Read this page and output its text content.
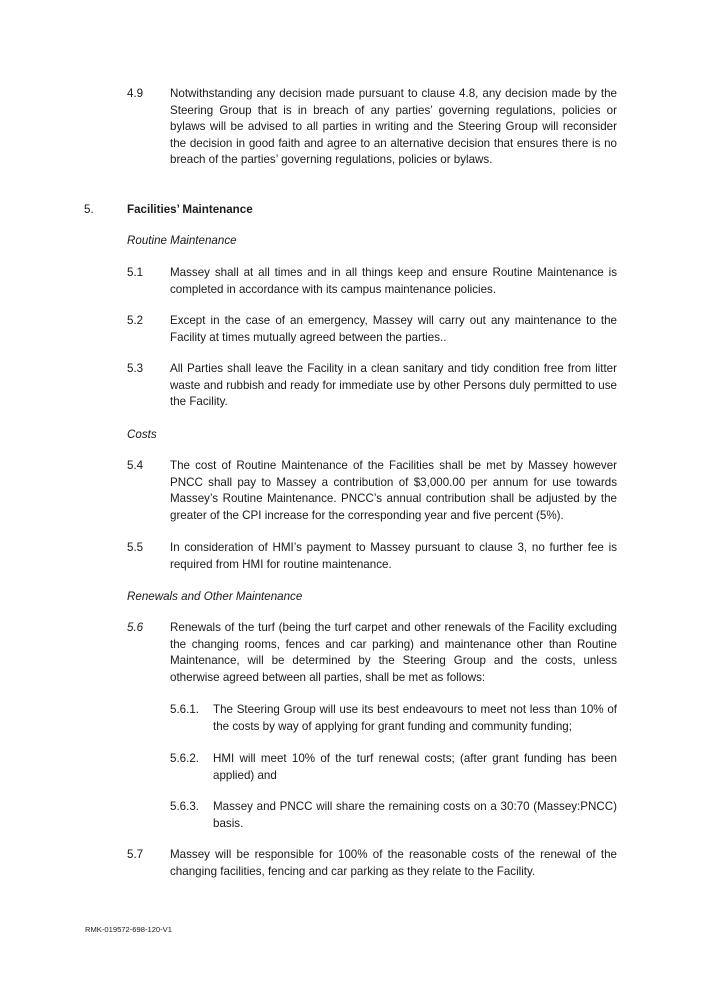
4.9 Notwithstanding any decision made pursuant to clause 4.8, any decision made by the Steering Group that is in breach of any parties’ governing regulations, policies or bylaws will be advised to all parties in writing and the Steering Group will reconsider the decision in good faith and agree to an alternative decision that ensures there is no breach of the parties’ governing regulations, policies or bylaws.
5.	Facilities’ Maintenance
Routine Maintenance
5.1 Massey shall at all times and in all things keep and ensure Routine Maintenance is completed in accordance with its campus maintenance policies.
5.2 Except in the case of an emergency, Massey will carry out any maintenance to the Facility at times mutually agreed between the parties..
5.3 All Parties shall leave the Facility in a clean sanitary and tidy condition free from litter waste and rubbish and ready for immediate use by other Persons duly permitted to use the Facility.
Costs
5.4 The cost of Routine Maintenance of the Facilities shall be met by Massey however PNCC shall pay to Massey a contribution of $3,000.00 per annum for use towards Massey’s Routine Maintenance. PNCC’s annual contribution shall be adjusted by the greater of the CPI increase for the corresponding year and five percent (5%).
5.5 In consideration of HMI’s payment to Massey pursuant to clause 3, no further fee is required from HMI for routine maintenance.
Renewals and Other Maintenance
5.6 Renewals of the turf (being the turf carpet and other renewals of the Facility excluding the changing rooms, fences and car parking) and maintenance other than Routine Maintenance, will be determined by the Steering Group and the costs, unless otherwise agreed between all parties, shall be met as follows:
5.6.1. The Steering Group will use its best endeavours to meet not less than 10% of the costs by way of applying for grant funding and community funding;
5.6.2. HMI will meet 10% of the turf renewal costs; (after grant funding has been applied) and
5.6.3. Massey and PNCC will share the remaining costs on a 30:70 (Massey:PNCC) basis.
5.7 Massey will be responsible for 100% of the reasonable costs of the renewal of the changing facilities, fencing and car parking as they relate to the Facility.
RMK-019572-698-120-V1
